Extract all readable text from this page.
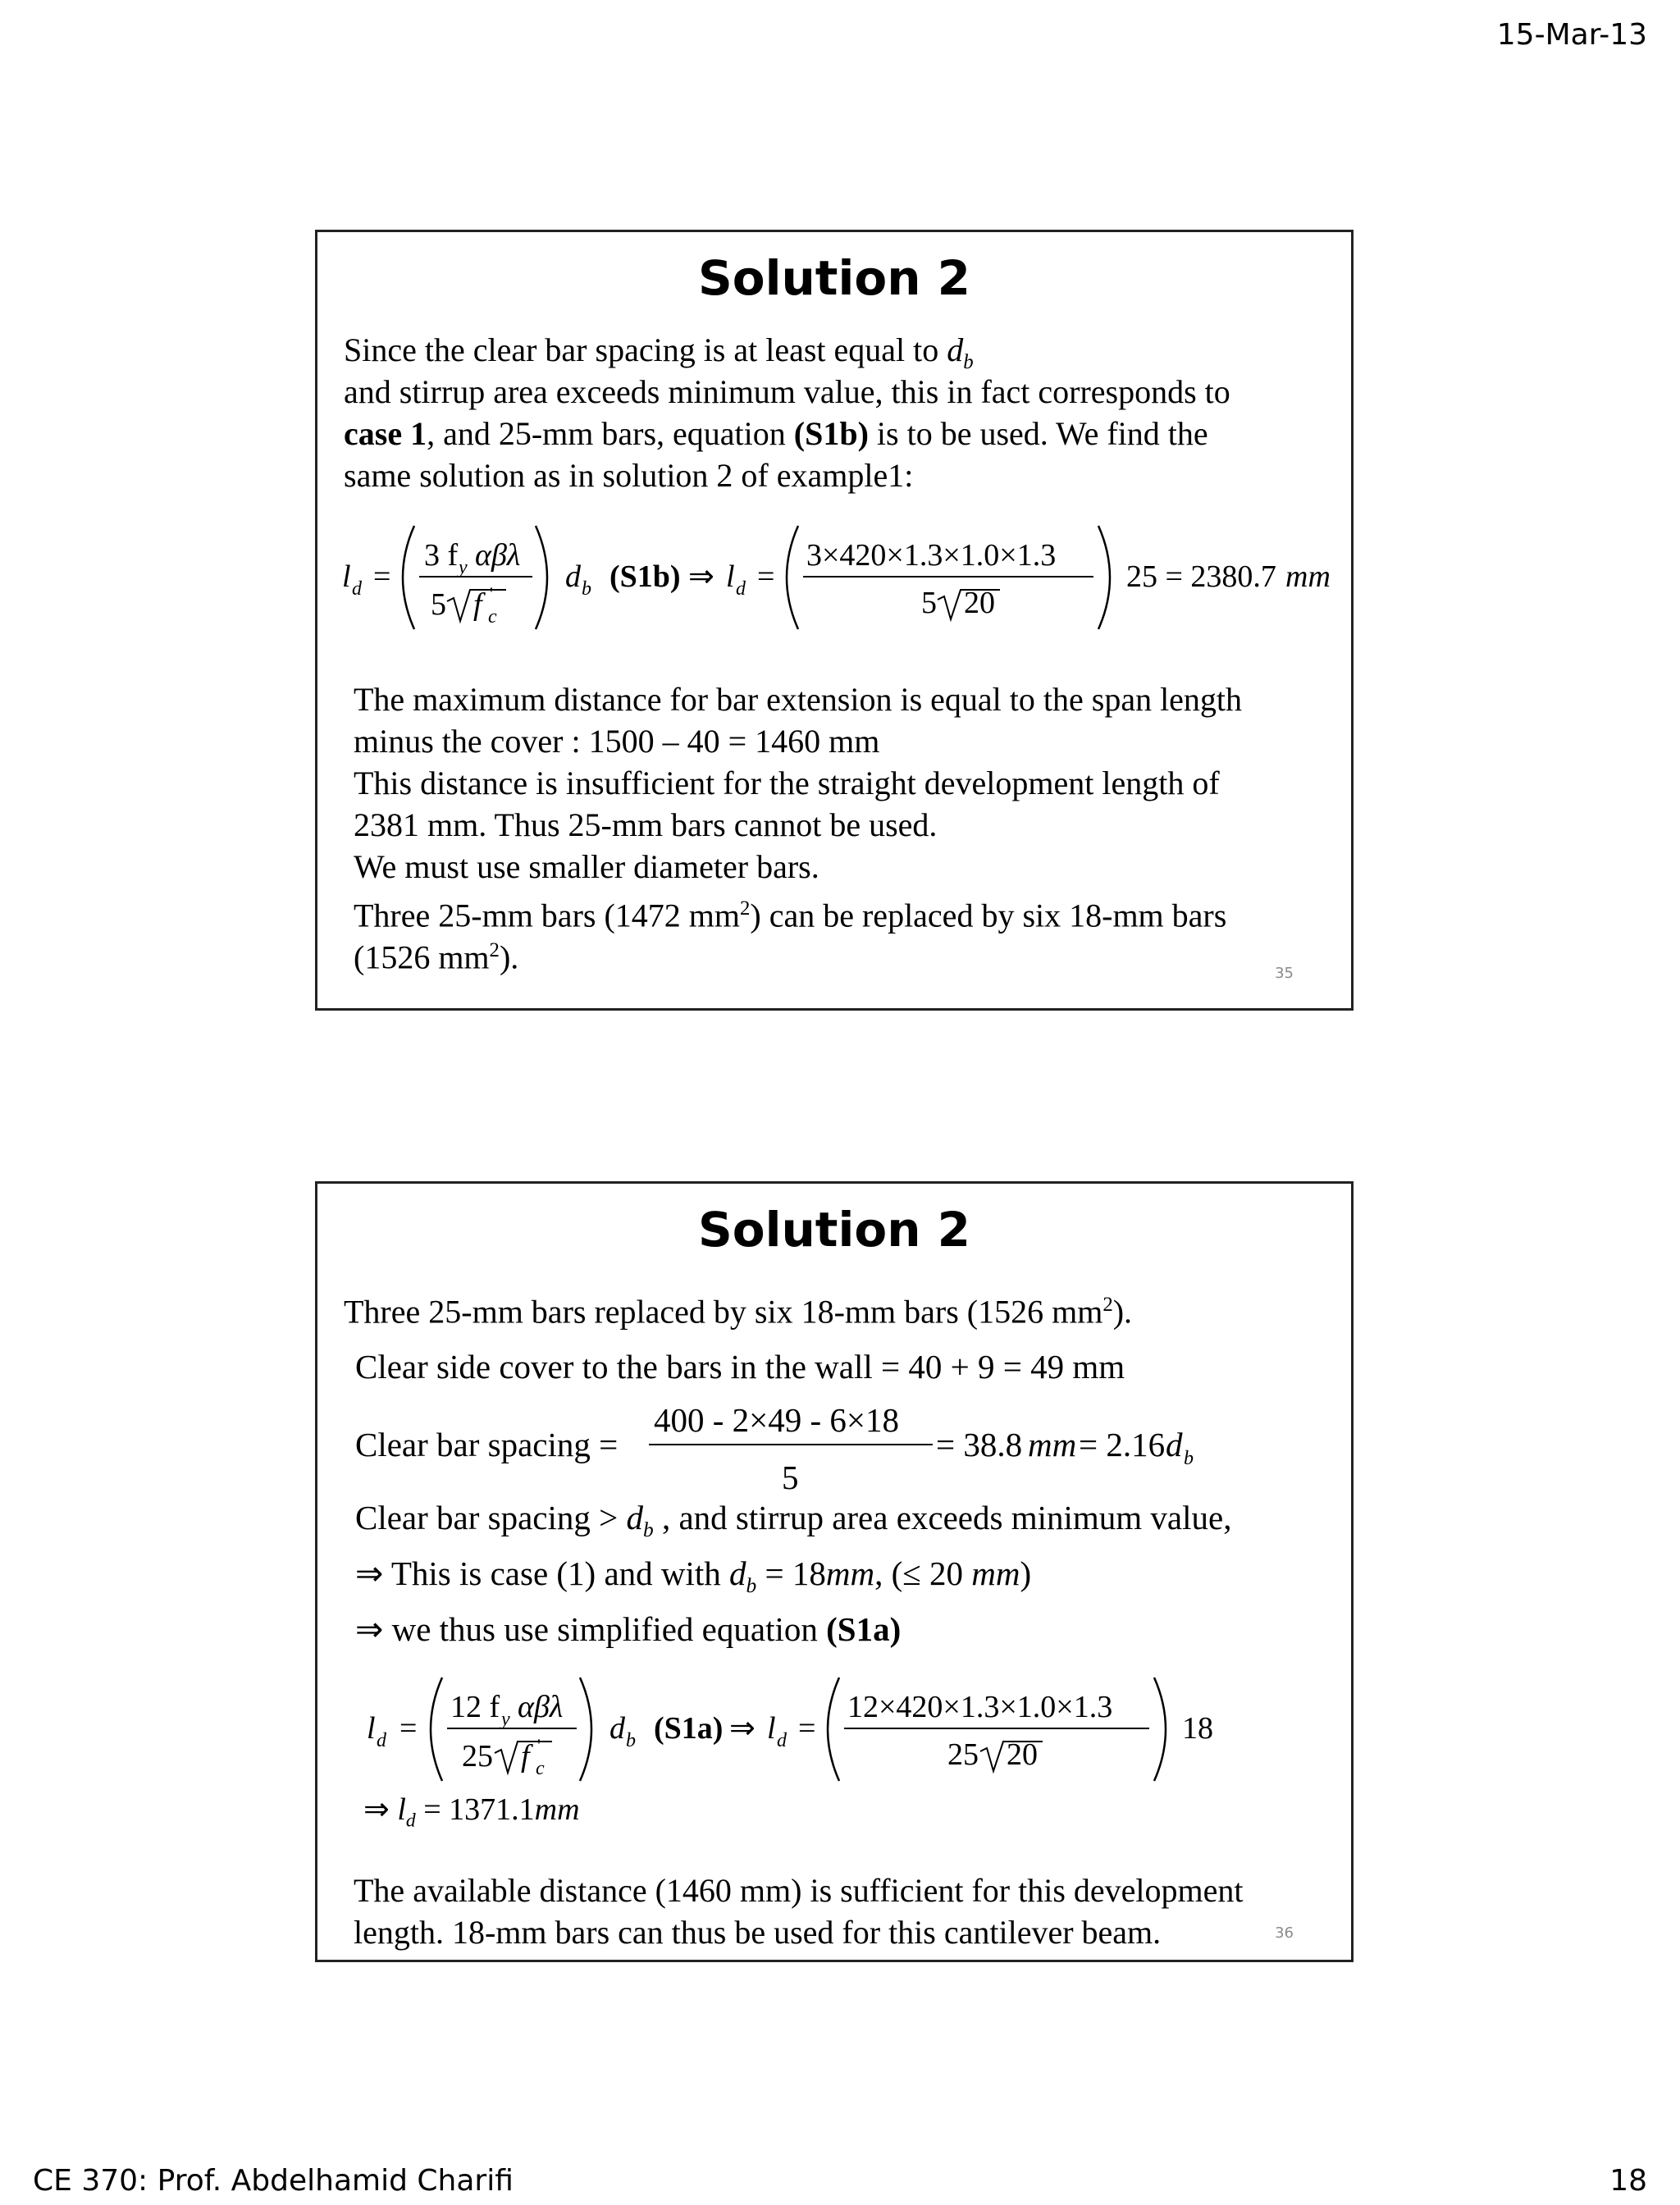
15-Mar-13
Solution 2
Since the clear bar spacing is at least equal to $d_b$
and stirrup area exceeds minimum value, this in fact corresponds to
case 1, and 25-mm bars, equation (S1b) is to be used. We find the
same solution as in solution 2 of example1:
l d =
3 f y αβλ
5 f c
' d b (S1b) ⇒ l d =
3×420×1.3×1.0×1.3
5 20
25 = 2380.7 mm
The maximum distance for bar extension is equal to the span length
minus the cover : 1500 – 40 = 1460 mm
This distance is insufficient for the straight development length of
2381 mm. Thus 25-mm bars cannot be used.
We must use smaller diameter bars.
Three 25-mm bars (1472 $mm^2$) can be replaced by six 18-mm bars
(1526 $mm^2$).	35
Solution 2
Three 25-mm bars replaced by six 18-mm bars (1526 $mm^2$).
Clear side cover to the bars in the wall = 40 + 9 = 49 mm
Clear bar spacing =
400 - 2×49 - 6×18
5
= 38.8 mm = 2.16 d b
Clear bar spacing > $d_b$ , and stirrup area exceeds minimum value,
⇒ This is case (1) and with $d_b = 18mm$, (≤ 20 mm)
⇒ we thus use simplified equation (S1a)
l d =
12 f y αβλ
25 f c
' d b (S1a) ⇒ l d =
12×420×1.3×1.0×1.3
25 20
18
⇒ $l_d = 1371.1mm$
The available distance (1460 mm) is sufficient for this development
length. 18-mm bars can thus be used for this cantilever beam.	36
CE 370: Prof. Abdelhamid Charifi	18
